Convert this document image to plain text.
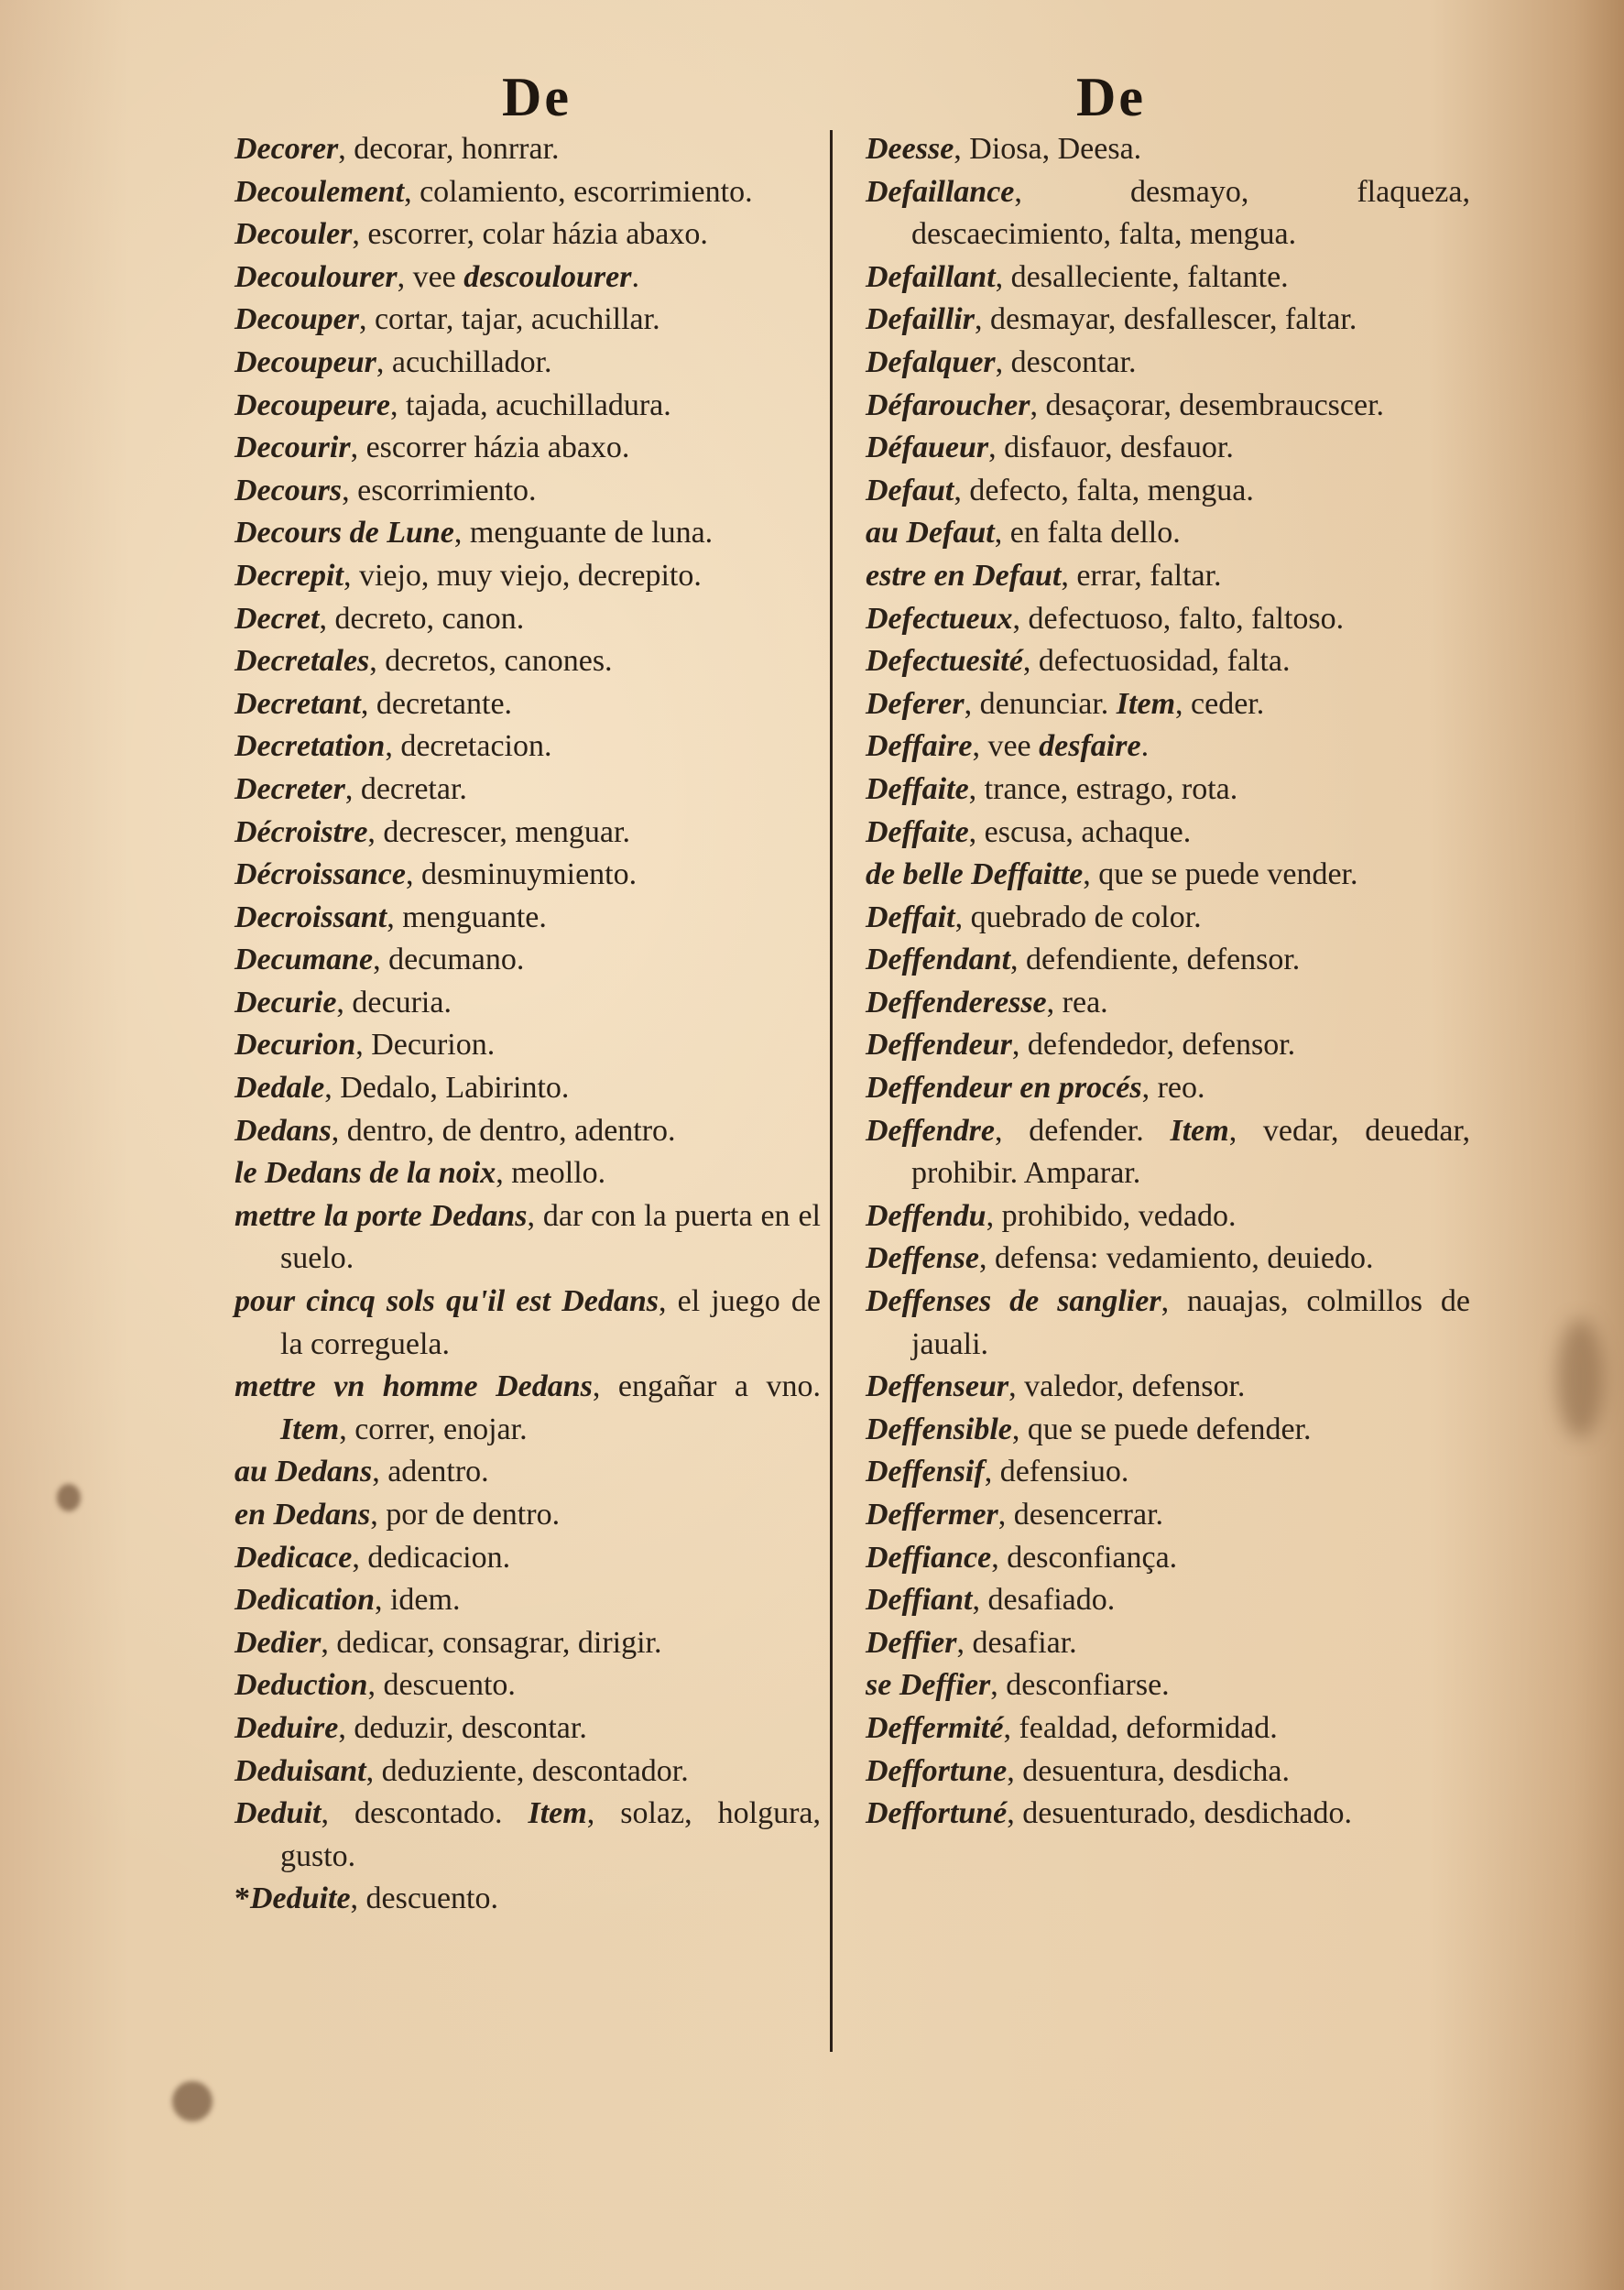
De	De
Decorer, decorar, honrrar.
Decoulement, colamiento, escorrimiento.
Decouler, escorrer, colar házia abaxo.
Decoulourer, vee descoulourer.
Decouper, cortar, tajar, acuchillar.
Decoupeur, acuchillador.
Decoupeure, tajada, acuchilladura.
Decourir, escorrer házia abaxo.
Decours, escorrimiento.
Decours de Lune, menguante de luna.
Decrepit, viejo, muy viejo, decrepito.
Decret, decreto, canon.
Decretales, decretos, canones.
Decretant, decretante.
Decretation, decretacion.
Decreter, decretar.
Décroistre, decrescer, menguar.
Décroissance, desminuymiento.
Decroissant, menguante.
Decumane, decumano.
Decurie, decuria.
Decurion, Decurion.
Dedale, Dedalo, Labirinto.
Dedans, dentro, de dentro, adentro.
le Dedans de la noix, meollo.
mettre la porte Dedans, dar con la puerta en el suelo.
pour cincq sols qu'il est Dedans, el juego de la correguela.
mettre vn homme Dedans, engañar a vno. Item, correr, enojar.
au Dedans, adentro.
en Dedans, por de dentro.
Dedicace, dedicacion.
Dedication, idem.
Dedier, dedicar, consagrar, dirigir.
Deduction, descuento.
Deduire, deduzir, descontar.
Deduisant, deduziente, descontador.
Deduit, descontado. Item, solaz, holgura, gusto.
*Deduite, descuento.
Deesse, Diosa, Deesa.
Defaillance, desmayo, flaqueza, descaecimiento, falta, mengua.
Defaillant, desalleciente, faltante.
Defaillir, desmayar, desfallescer, faltar.
Defalquer, descontar.
Défaroucher, desaçorar, desembraucscer.
Défaueur, disfauor, desfauor.
Defaut, defecto, falta, mengua.
au Defaut, en falta dello.
estre en Defaut, errar, faltar.
Defectueux, defectuoso, falto, faltoso.
Defectuesité, defectuosidad, falta.
Deferer, denunciar. Item, ceder.
Deffaire, vee desfaire.
Deffaite, trance, estrago, rota.
Deffaite, escusa, achaque.
de belle Deffaitte, que se puede vender.
Deffait, quebrado de color.
Deffendant, defendiente, defensor.
Deffenderesse, rea.
Deffendeur, defendedor, defensor.
Deffendeur en procés, reo.
Deffendre, defender. Item, vedar, deuedar, prohibir. Amparar.
Deffendu, prohibido, vedado.
Deffense, defensa: vedamiento, deuiedo.
Deffenses de sanglier, nauajas, colmillos de jauali.
Deffenseur, valedor, defensor.
Deffensible, que se puede defender.
Deffensif, defensiuo.
Deffermer, desencerrar.
Deffiance, desconfiança.
Deffiant, desafiado.
Deffier, desafiar.
se Deffier, desconfiarse.
Deffermité, fealdad, deformidad.
Deffortune, desuentura, desdicha.
Deffortuné, desuenturado, desdichado.
